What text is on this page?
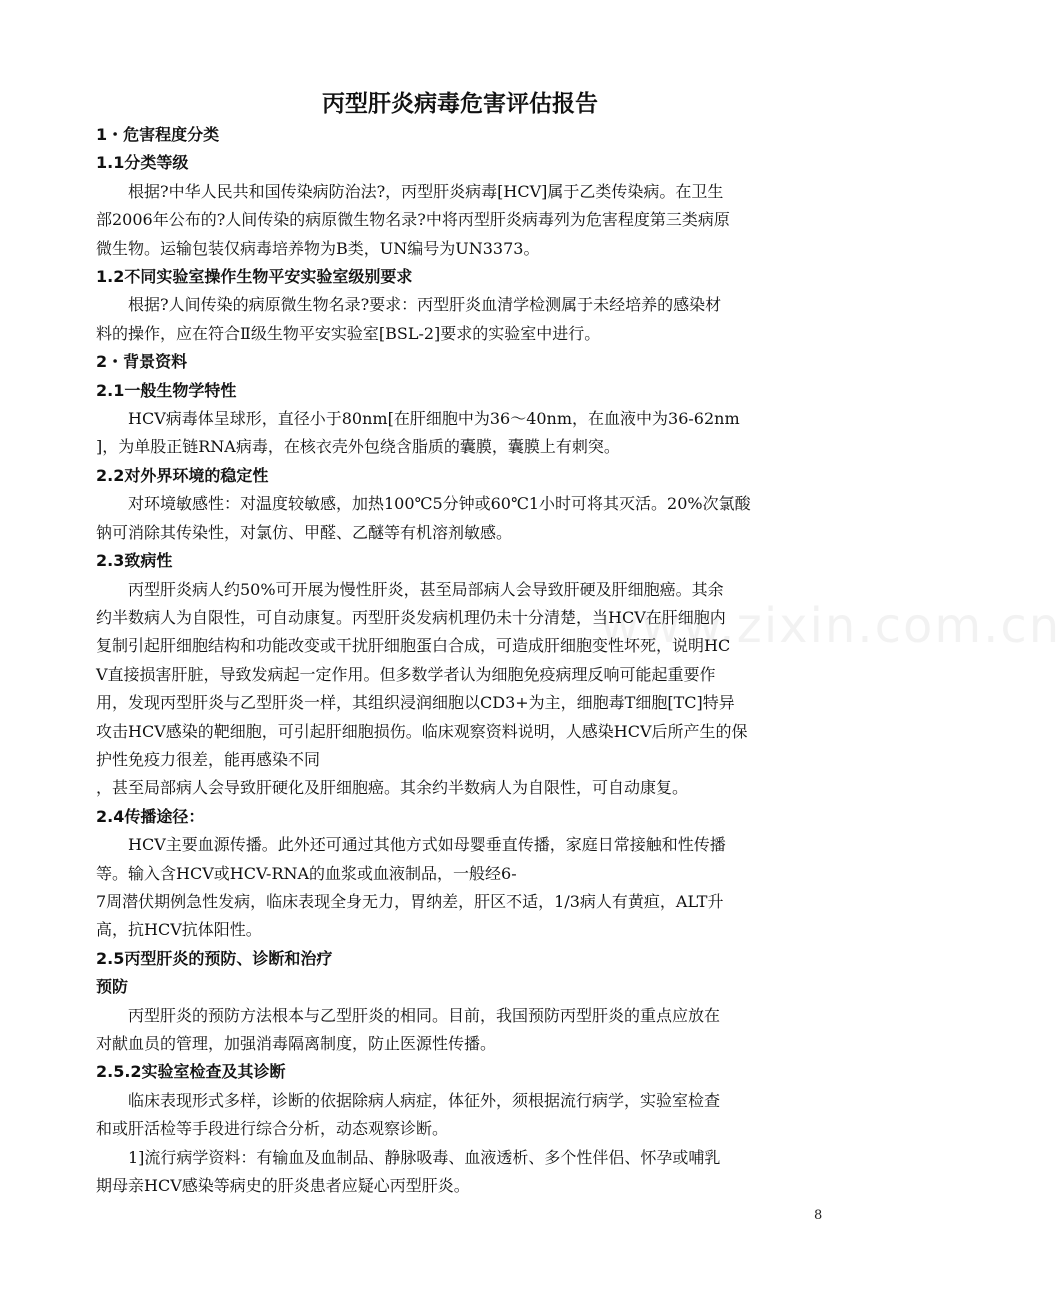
www.zixin.com.cn
丙型肝炎病毒危害评估报告
1・危害程度分类
1.1分类等级
根据?中华人民共和国传染病防治法?，丙型肝炎病毒[HCV]属于乙类传染病。在卫生
部2006年公布的?人间传染的病原微生物名录?中将丙型肝炎病毒列为危害程度第三类病原
微生物。运输包装仅病毒培养物为B类，UN编号为UN3373。
1.2不同实验室操作生物平安实验室级别要求
根据?人间传染的病原微生物名录?要求：丙型肝炎血清学检测属于未经培养的感染材
料的操作，应在符合Ⅱ级生物平安实验室[BSL-2]要求的实验室中进行。
2・背景资料
2.1一般生物学特性
HCV病毒体呈球形，直径小于80nm[在肝细胞中为36～40nm，在血液中为36-62nm
]，为单股正链RNA病毒，在核衣壳外包绕含脂质的囊膜，囊膜上有刺突。
2.2对外界环境的稳定性
对环境敏感性：对温度较敏感，加热100℃5分钟或60℃1小时可将其灭活。20%次氯酸
钠可消除其传染性，对氯仿、甲醛、乙醚等有机溶剂敏感。
2.3致病性
丙型肝炎病人约50%可开展为慢性肝炎，甚至局部病人会导致肝硬及肝细胞癌。其余
约半数病人为自限性，可自动康复。丙型肝炎发病机理仍未十分清楚，当HCV在肝细胞内
复制引起肝细胞结构和功能改变或干扰肝细胞蛋白合成，可造成肝细胞变性坏死，说明HC
V直接损害肝脏，导致发病起一定作用。但多数学者认为细胞免疫病理反响可能起重要作
用，发现丙型肝炎与乙型肝炎一样，其组织浸润细胞以CD3+为主，细胞毒T细胞[TC]特异
攻击HCV感染的靶细胞，可引起肝细胞损伤。临床观察资料说明，人感染HCV后所产生的保
护性免疫力很差，能再感染不同
，甚至局部病人会导致肝硬化及肝细胞癌。其余约半数病人为自限性，可自动康复。
2.4传播途径：
HCV主要血源传播。此外还可通过其他方式如母婴垂直传播，家庭日常接触和性传播
等。输入含HCV或HCV-RNA的血浆或血液制品，一般经6-
7周潜伏期例急性发病，临床表现全身无力，胃纳差，肝区不适，1/3病人有黄疸，ALT升
高，抗HCV抗体阳性。
2.5丙型肝炎的预防、诊断和治疗
预防
丙型肝炎的预防方法根本与乙型肝炎的相同。目前，我国预防丙型肝炎的重点应放在
对献血员的管理，加强消毒隔离制度，防止医源性传播。
2.5.2实验室检查及其诊断
临床表现形式多样，诊断的依据除病人病症，体征外，须根据流行病学，实验室检查
和或肝活检等手段进行综合分析，动态观察诊断。
1]流行病学资料：有输血及血制品、静脉吸毒、血液透析、多个性伴侣、怀孕或哺乳
期母亲HCV感染等病史的肝炎患者应疑心丙型肝炎。
8
